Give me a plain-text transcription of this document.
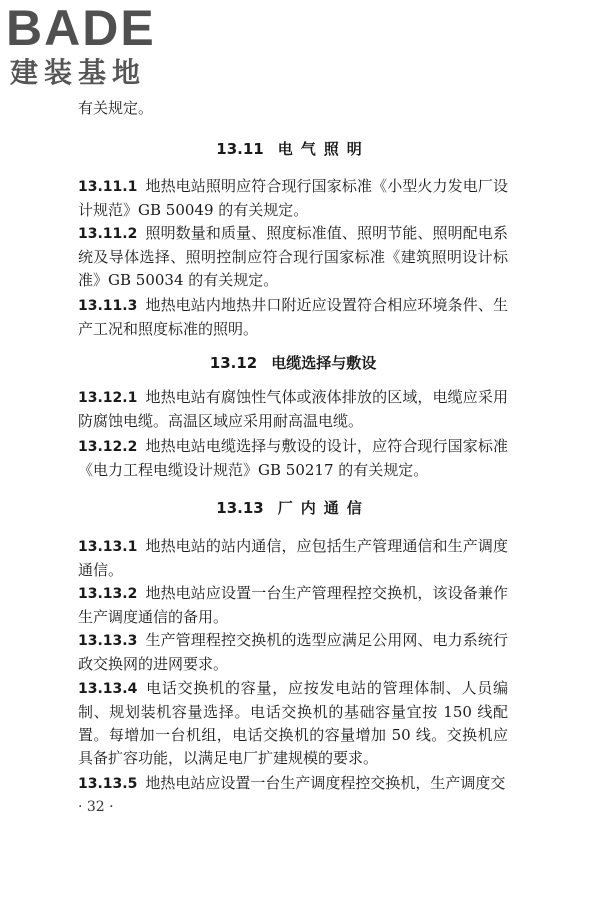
BADE
建装基地
有关规定。
13.11 电气照明
13.11.1 地热电站照明应符合现行国家标准《小型火力发电厂设计规范》GB 50049 的有关规定。
13.11.2 照明数量和质量、照度标准值、照明节能、照明配电系统及导体选择、照明控制应符合现行国家标准《建筑照明设计标准》GB 50034 的有关规定。
13.11.3 地热电站内地热井口附近应设置符合相应环境条件、生产工况和照度标准的照明。
13.12 电缆选择与敷设
13.12.1 地热电站有腐蚀性气体或液体排放的区域，电缆应采用防腐蚀电缆。高温区域应采用耐高温电缆。
13.12.2 地热电站电缆选择与敷设的设计，应符合现行国家标准《电力工程电缆设计规范》GB 50217 的有关规定。
13.13 厂内通信
13.13.1 地热电站的站内通信，应包括生产管理通信和生产调度通信。
13.13.2 地热电站应设置一台生产管理程控交换机，该设备兼作生产调度通信的备用。
13.13.3 生产管理程控交换机的选型应满足公用网、电力系统行政交换网的进网要求。
13.13.4 电话交换机的容量，应按发电站的管理体制、人员编制、规划装机容量选择。电话交换机的基础容量宜按 150 线配置。每增加一台机组，电话交换机的容量增加 50 线。交换机应具备扩容功能，以满足电厂扩建规模的要求。
13.13.5 地热电站应设置一台生产调度程控交换机，生产调度交
· 32 ·
